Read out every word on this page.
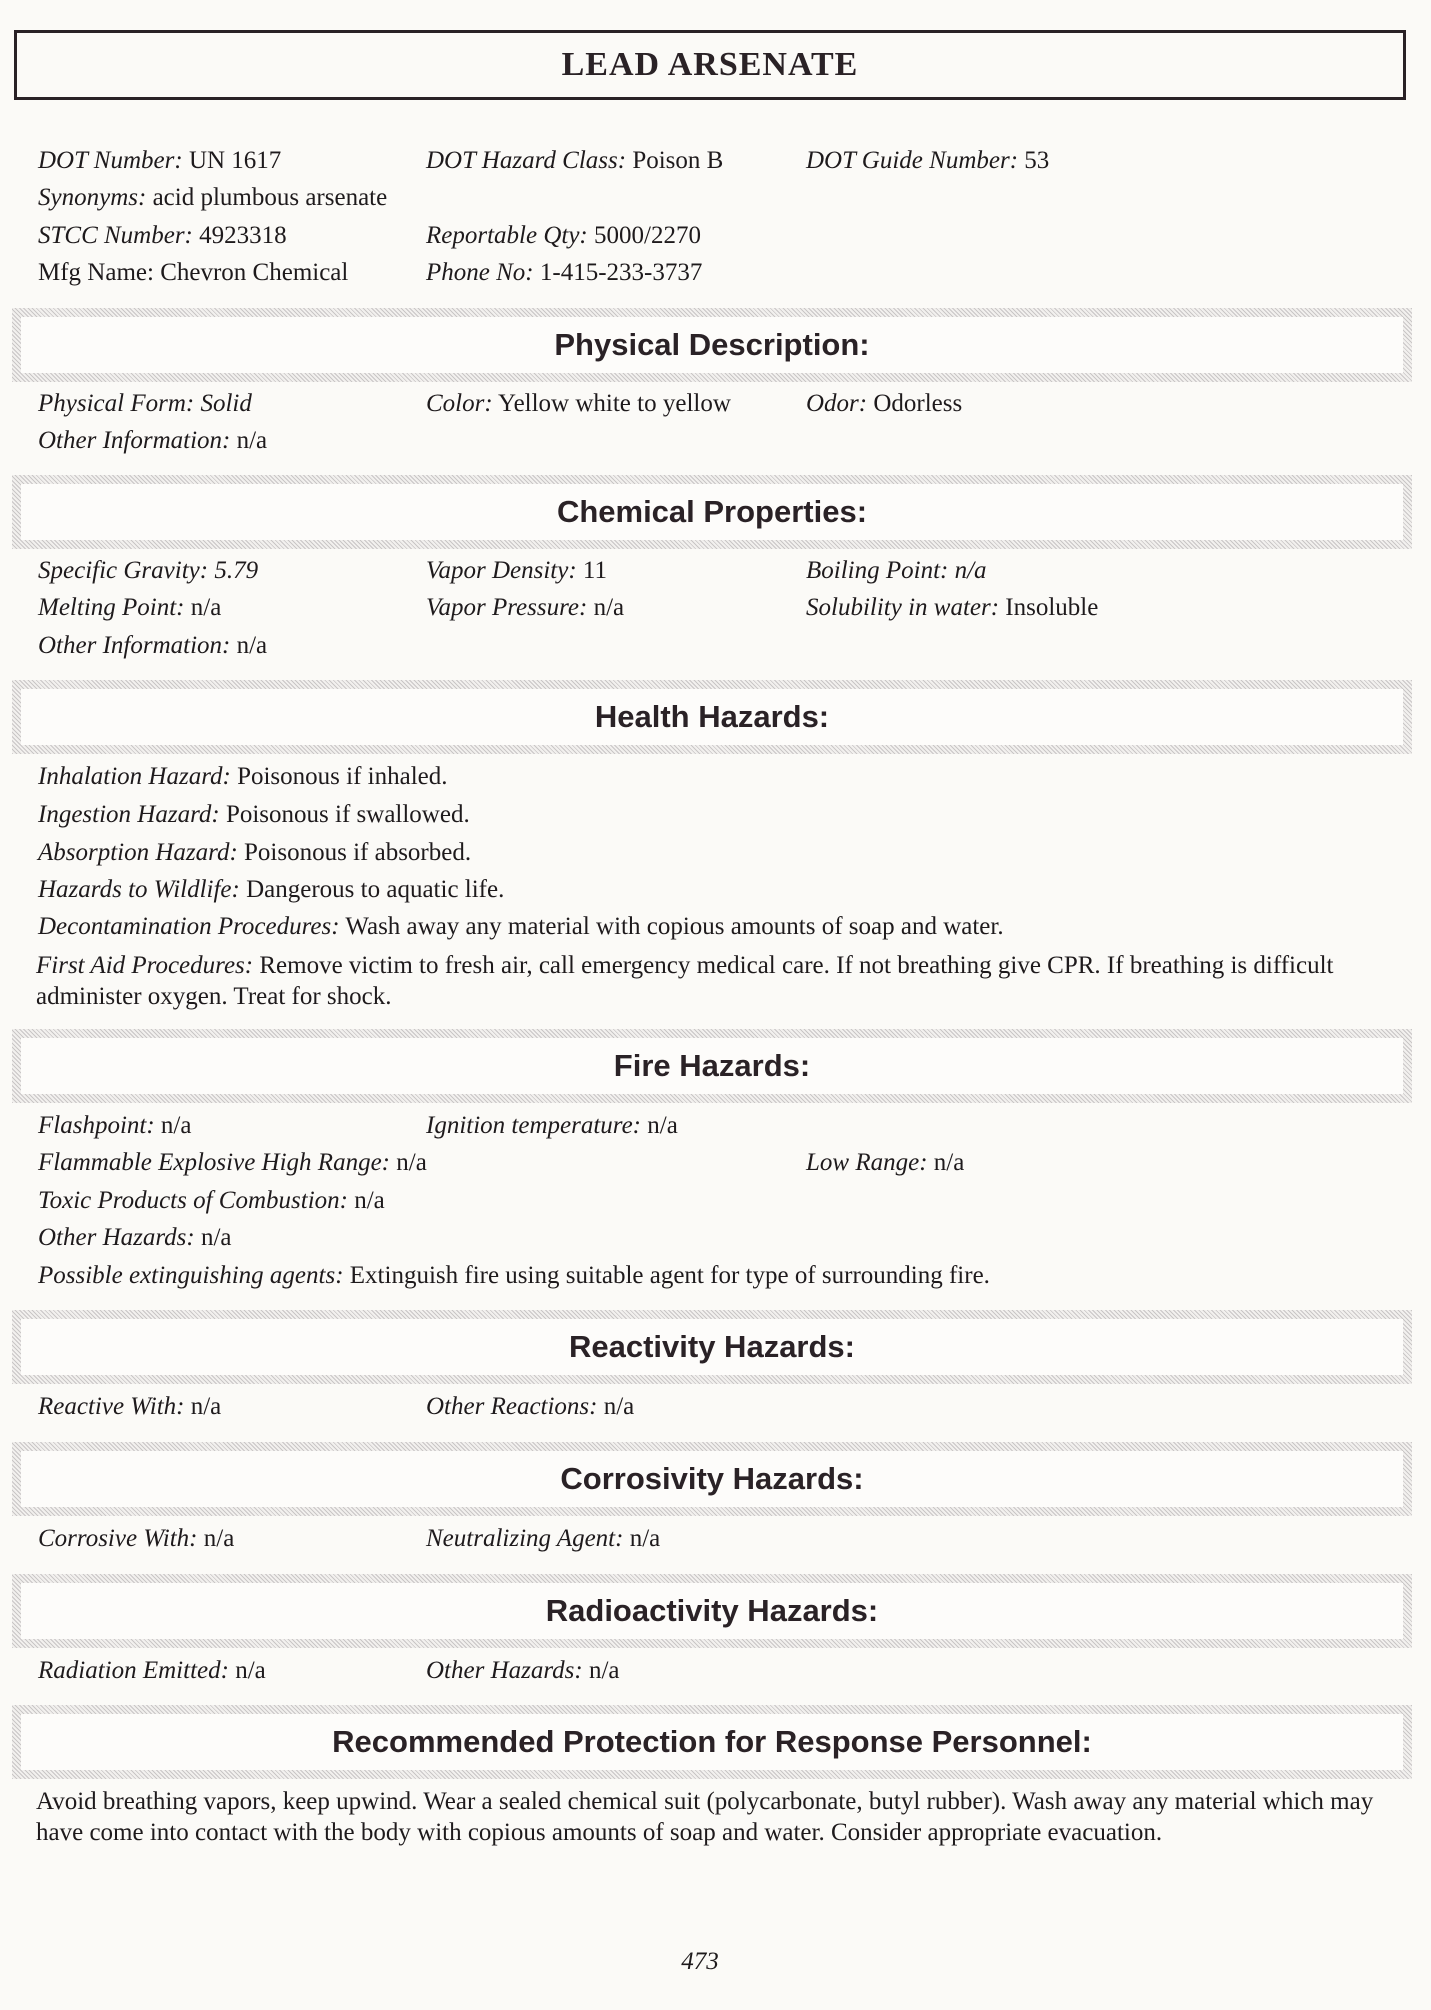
LEAD ARSENATE
DOT Number: UN 1617	DOT Hazard Class: Poison B	DOT Guide Number: 53
Synonyms: acid plumbous arsenate
STCC Number: 4923318	Reportable Qty: 5000/2270
Mfg Name: Chevron Chemical	Phone No: 1-415-233-3737
Physical Description:
Physical Form: Solid	Color: Yellow white to yellow	Odor: Odorless
Other Information: n/a
Chemical Properties:
Specific Gravity: 5.79	Vapor Density: 11	Boiling Point: n/a
Melting Point: n/a	Vapor Pressure: n/a	Solubility in water: Insoluble
Other Information: n/a
Health Hazards:
Inhalation Hazard: Poisonous if inhaled.
Ingestion Hazard: Poisonous if swallowed.
Absorption Hazard: Poisonous if absorbed.
Hazards to Wildlife: Dangerous to aquatic life.
Decontamination Procedures: Wash away any material with copious amounts of soap and water.
First Aid Procedures: Remove victim to fresh air, call emergency medical care. If not breathing give CPR. If breathing is difficult administer oxygen. Treat for shock.
Fire Hazards:
Flashpoint: n/a	Ignition temperature: n/a
Flammable Explosive High Range: n/a	Low Range: n/a
Toxic Products of Combustion: n/a
Other Hazards: n/a
Possible extinguishing agents: Extinguish fire using suitable agent for type of surrounding fire.
Reactivity Hazards:
Reactive With: n/a	Other Reactions: n/a
Corrosivity Hazards:
Corrosive With: n/a	Neutralizing Agent: n/a
Radioactivity Hazards:
Radiation Emitted: n/a	Other Hazards: n/a
Recommended Protection for Response Personnel:
Avoid breathing vapors, keep upwind. Wear a sealed chemical suit (polycarbonate, butyl rubber). Wash away any material which may have come into contact with the body with copious amounts of soap and water. Consider appropriate evacuation.
473
